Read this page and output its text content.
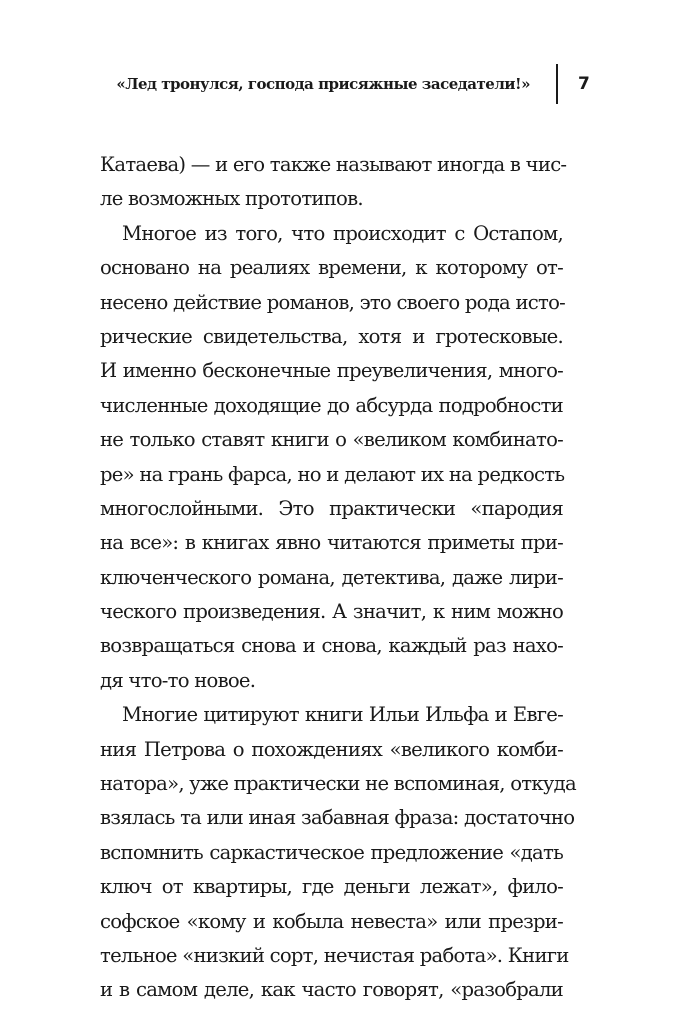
«Лед тронулся, господа присяжные заседатели!»	7
Катаева) — и его также называют иногда в чис-
ле возможных прототипов.
Многое из того, что происходит с Остапом,
основано на реалиях времени, к которому от-
несено действие романов, это своего рода исто-
рические свидетельства, хотя и гротесковые.
И именно бесконечные преувеличения, много-
численные доходящие до абсурда подробности
не только ставят книги о «великом комбинато-
ре» на грань фарса, но и делают их на редкость
многослойными. Это практически «пародия
на все»: в книгах явно читаются приметы при-
ключенческого романа, детектива, даже лири-
ческого произведения. А значит, к ним можно
возвращаться снова и снова, каждый раз нахо-
дя что-то новое.
Многие цитируют книги Ильи Ильфа и Евге-
ния Петрова о похождениях «великого комби-
натора», уже практически не вспоминая, откуда
взялась та или иная забавная фраза: достаточно
вспомнить саркастическое предложение «дать
ключ от квартиры, где деньги лежат», фило-
софское «кому и кобыла невеста» или презри-
тельное «низкий сорт, нечистая работа». Книги
и в самом деле, как часто говорят, «разобрали
